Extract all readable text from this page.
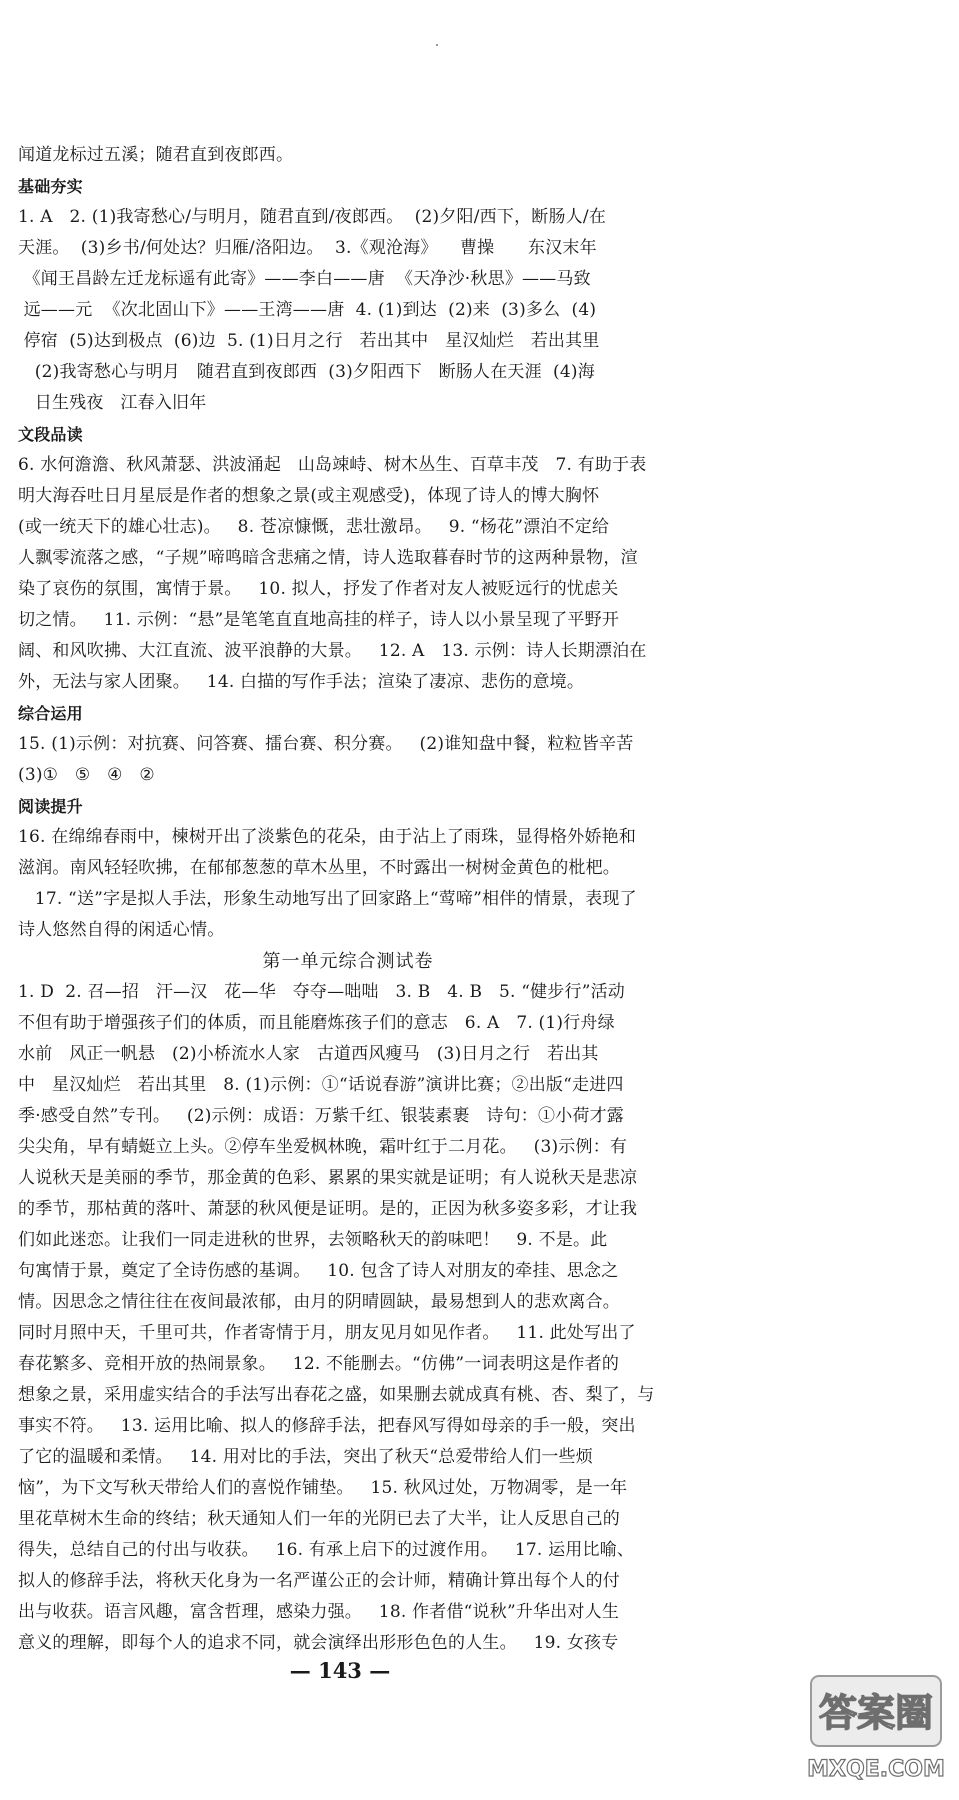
闻道龙标过五溪；随君直到夜郎西。
基础夯实
1. A   2. (1)我寄愁心/与明月，随君直到/夜郎西。  (2)夕阳/西下，断肠人/在
天涯。  (3)乡书/何处达？归雁/洛阳边。  3.《观沧海》    曹操      东汉末年
《闻王昌龄左迁龙标遥有此寄》——李白——唐  《天净沙·秋思》——马致
远——元  《次北固山下》——王湾——唐  4. (1)到达  (2)来  (3)多么  (4)
停宿  (5)达到极点  (6)边  5. (1)日月之行   若出其中   星汉灿烂   若出其里
(2)我寄愁心与明月   随君直到夜郎西  (3)夕阳西下   断肠人在天涯  (4)海
日生残夜   江春入旧年
文段品读
6. 水何澹澹、秋风萧瑟、洪波涌起   山岛竦峙、树木丛生、百草丰茂   7. 有助于表
明大海吞吐日月星辰是作者的想象之景(或主观感受)，体现了诗人的博大胸怀
(或一统天下的雄心壮志)。   8. 苍凉慷慨，悲壮激昂。   9. “杨花”漂泊不定给
人飘零流落之感，“子规”啼鸣暗含悲痛之情，诗人选取暮春时节的这两种景物，渲
染了哀伤的氛围，寓情于景。   10. 拟人，抒发了作者对友人被贬远行的忧虑关
切之情。   11. 示例：“悬”是笔笔直直地高挂的样子，诗人以小景呈现了平野开
阔、和风吹拂、大江直流、波平浪静的大景。   12. A   13. 示例：诗人长期漂泊在
外，无法与家人团聚。   14. 白描的写作手法；渲染了凄凉、悲伤的意境。
综合运用
15. (1)示例：对抗赛、问答赛、擂台赛、积分赛。   (2)谁知盘中餐，粒粒皆辛苦
(3)①   ⑤   ④   ②
阅读提升
16. 在绵绵春雨中，楝树开出了淡紫色的花朵，由于沾上了雨珠，显得格外娇艳和
滋润。南风轻轻吹拂，在郁郁葱葱的草木丛里，不时露出一树树金黄色的枇杷。
17. “送”字是拟人手法，形象生动地写出了回家路上“莺啼”相伴的情景，表现了
诗人悠然自得的闲适心情。
第一单元综合测试卷
1. D  2. 召—招   汗—汉   花—华   夺夺—咄咄   3. B   4. B   5. “健步行”活动
不但有助于增强孩子们的体质，而且能磨炼孩子们的意志   6. A   7. (1)行舟绿
水前   风正一帆悬   (2)小桥流水人家   古道西风瘦马   (3)日月之行   若出其
中   星汉灿烂   若出其里   8. (1)示例：①“话说春游”演讲比赛；②出版“走进四
季·感受自然”专刊。   (2)示例：成语：万紫千红、银装素裹   诗句：①小荷才露
尖尖角，早有蜻蜓立上头。②停车坐爱枫林晚，霜叶红于二月花。   (3)示例：有
人说秋天是美丽的季节，那金黄的色彩、累累的果实就是证明；有人说秋天是悲凉
的季节，那枯黄的落叶、萧瑟的秋风便是证明。是的，正因为秋多姿多彩，才让我
们如此迷恋。让我们一同走进秋的世界，去领略秋天的韵味吧！   9. 不是。此
句寓情于景，奠定了全诗伤感的基调。   10. 包含了诗人对朋友的牵挂、思念之
情。因思念之情往往在夜间最浓郁，由月的阴晴圆缺，最易想到人的悲欢离合。
同时月照中天，千里可共，作者寄情于月，朋友见月如见作者。   11. 此处写出了
春花繁多、竞相开放的热闹景象。   12. 不能删去。“仿佛”一词表明这是作者的
想象之景，采用虚实结合的手法写出春花之盛，如果删去就成真有桃、杏、梨了，与
事实不符。   13. 运用比喻、拟人的修辞手法，把春风写得如母亲的手一般，突出
了它的温暖和柔情。   14. 用对比的手法，突出了秋天“总爱带给人们一些烦
恼”，为下文写秋天带给人们的喜悦作铺垫。   15. 秋风过处，万物凋零，是一年
里花草树木生命的终结；秋天通知人们一年的光阴已去了大半，让人反思自己的
得失，总结自己的付出与收获。   16. 有承上启下的过渡作用。   17. 运用比喻、
拟人的修辞手法，将秋天化身为一名严谨公正的会计师，精确计算出每个人的付
出与收获。语言风趣，富含哲理，感染力强。   18. 作者借“说秋”升华出对人生
意义的理解，即每个人的追求不同，就会演绎出形形色色的人生。   19. 女孩专
— 143 —
答案圈
MXQE.COM
